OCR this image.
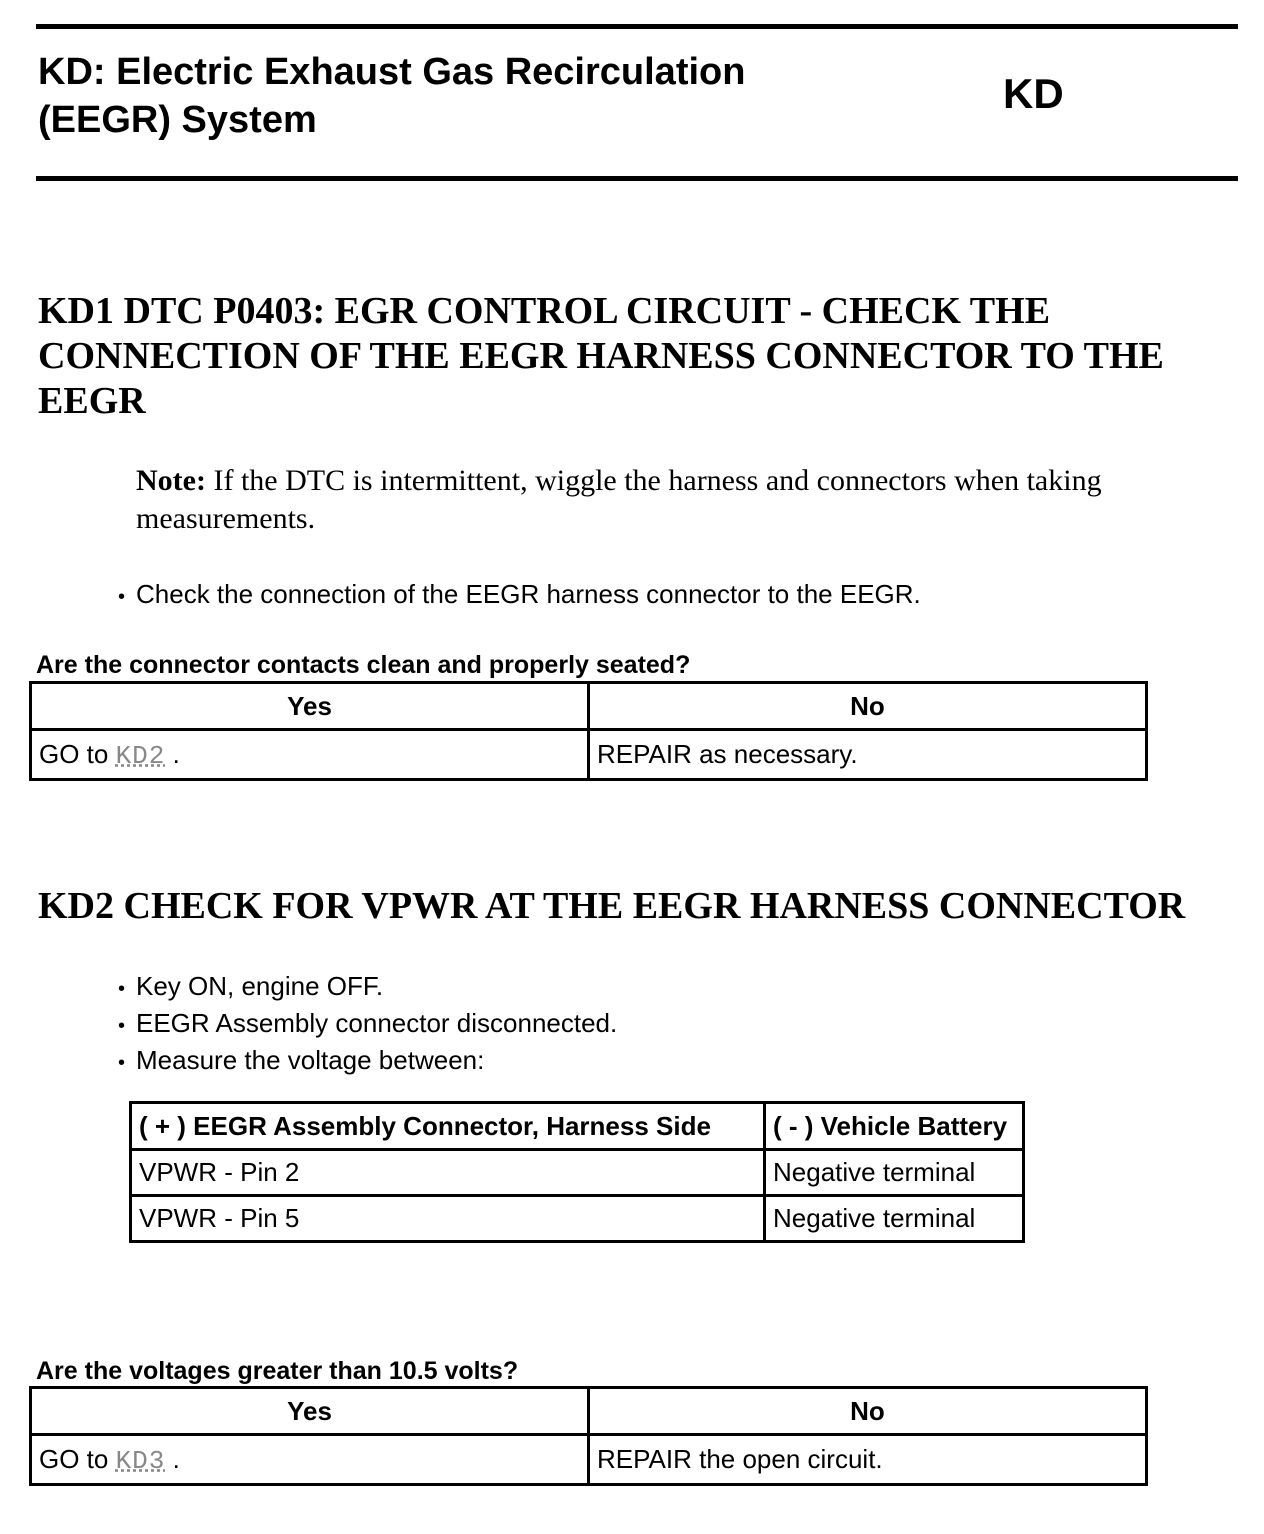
KD: Electric Exhaust Gas Recirculation
(EEGR) System
KD
KD1 DTC P0403: EGR CONTROL CIRCUIT - CHECK THE CONNECTION OF THE EEGR HARNESS CONNECTOR TO THE EEGR
Note: If the DTC is intermittent, wiggle the harness and connectors when taking measurements.
• Check the connection of the EEGR harness connector to the EEGR.
Are the connector contacts clean and properly seated?
Yes	No
GO to KD2 .	REPAIR as necessary.
KD2 CHECK FOR VPWR AT THE EEGR HARNESS CONNECTOR
• Key ON, engine OFF.
• EEGR Assembly connector disconnected.
• Measure the voltage between:
( + ) EEGR Assembly Connector, Harness Side	( - ) Vehicle Battery
VPWR - Pin 2	Negative terminal
VPWR - Pin 5	Negative terminal
Are the voltages greater than 10.5 volts?
Yes	No
GO to KD3 .	REPAIR the open circuit.
